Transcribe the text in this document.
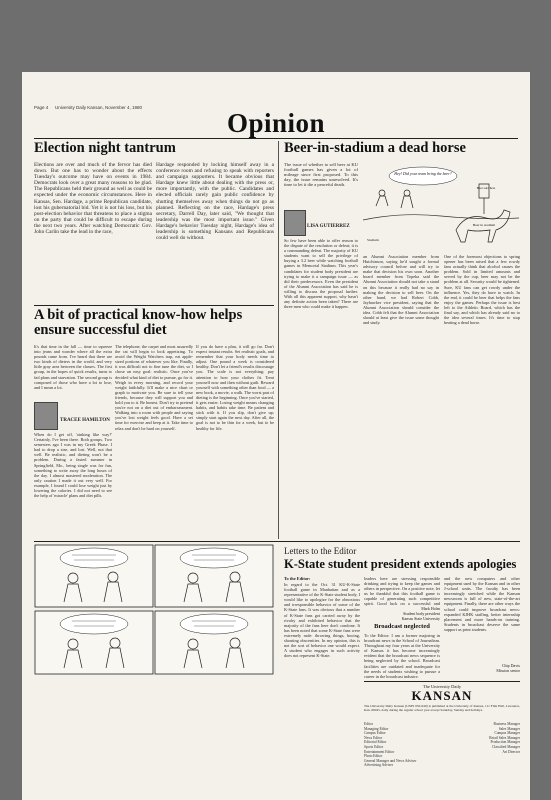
Page 4 University Daily Kansan, November 4, 1980
Opinion
Election night tantrum
Elections are over and much of the fervor has died down. But one has to wonder about the effects Tuesday's outcome may have on events in 1984. Democrats look over a great many reasons to be glad. The Republicans held their ground as well as could be expected under the economic circumstances. Here in Kansas, Sen. Hardage, a prime Republican candidate, lost his gubernatorial bid. Yet it is not his loss, but his post-election behavior that threatens to place a stigma on the party that could be difficult to escape during the next two years. After watching Democratic Gov. John Carlin take the lead in the race,
Hardage responded by locking himself away in a conference room and refusing to speak with reporters and campaign supporters. It became obvious that Hardage knew little about dealing with the press or, more importantly, with the public. Candidates and elected officials rarely gain public confidence by shutting themselves away when things do not go as planned. Reflecting on the race, Hardage's press secretary, Darrell Day, later said, "We thought that leadership was the most important issue." Given Hardage's behavior Tuesday night, Hardage's idea of leadership is something Kansans and Republicans could well do without.
A bit of practical know-how helps ensure successful diet
It's that time in the fall — time to squeeze into jeans and wonder where all the extra pounds came from. I've heard that there are two kinds of dieters in the world, and very little gray area between the classes. The first group, in the hopes of quick results, turns to fad plans and starvation. The second group is composed of those who have a lot to lose, and I mean a lot.
TRACEE HAMILTON
When do I get off, 'oinking like way?' Certainly, I've been there. Both groups. Two semesters ago I was in my Greek Phase. I had to drop a size, and lost. Well, not that well. Be realistic, and dieting won't be a problem. During a fasted summer in Springfield, Mo., being single was for fun, something to write away the long hours of the day. I almost mastered moderation. The only caution I made it out very well. For example, I found I could lose weight just by lowering the calories. I did not need to see the help of 'miracle' plans and diet pills.
The telephone, the carpet and most assuredly the cat will begin to look appetizing. To avoid the Weight Watchers trap, eat apple-sized portions of whatever you like. Finally, it was difficult not to fine tune the diet, so I chose an easy goal: realistic. Once you've decided what kind of diet to pursue, go for it. Weigh in every morning, and record your weight faithfully. It'll make a nice chart or graph to motivate you. Be sure to tell your friends, because they will support you and hold you to it. Be honest. Don't try to pretend you're not on a diet out of embarrassment. Walking into a room with people and saying you've lost weight feels good. Have a set time for exercise and keep at it. Take time to relax and don't be hard on yourself.
If you do have a plan, it will go far. Don't expect instant results. Set realistic goals, and remember that your body needs time to adjust. One pound a week is considered healthy. Don't let a friend's results discourage you. The scale is not everything; pay attention to how your clothes fit. Treat yourself now and then without guilt. Reward yourself with something other than food — a new book, a movie, a walk. The worst part of dieting is the beginning. Once you've started, it gets easier. Losing weight means changing habits, and habits take time. Be patient and stick with it. If you slip, don't give up; simply start again the next day. After all, the goal is not to be thin for a week, but to be healthy for life.
Beer-in-stadium a dead horse
The issue of whether to sell beer at KU football games has given a lot of mileage since first proposed. To this day, the issue remains unresolved. It's time to let it die a peaceful death.
Hey! Did your team bring the beer?
Beer sold here
Beer in stadium
Stadium
LISA GUTIERREZ
So few have been able to offer reason to the dispute of the resolution or defeat; it is a commanding defeat. The majority of KU students want to sell the privilege of buying a 3.2 beer while watching football games in Memorial Stadium. This year's candidates for student body president are trying to make it a campaign issue — as did their predecessors. Even the president of the Alumni Association has said he is willing to discuss the proposal further. With all this apparent support, why hasn't any definite action been taken? There are three men who could make it happen.
an Alumni Association member from Hutchinson, saying he'd sought a formal advisory council before and will try to make that decision his own soon. Another board member from Topeka said the Alumni Association should not take a stand on this because it really had no say in making the decision to sell beer. On the other hand, we had Robert Cobb, Jayhawker vice president, saying that the Alumni Association should consider the idea. Cobb felt that the Alumni Association should at least give the issue some thought and study.
One of the foremost objections to spring opener has been raised that a few rowdy fans actually think that alcohol causes the problem. Sold in limited amounts and served by the cup, beer may not be the problem at all. Security would be tightened. Sure, KU fans can get rowdy under the influence. Yes, they do have to watch. In the end, it could be beer that helps the fans enjoy the games. Perhaps the issue is best left to the Athletic Board, which has the final say, and which has already said no to the idea several times. It's time to stop beating a dead horse.
Letters to the Editor
K-State student president extends apologies
To the Editor:
In regard to the Oct. 31 KU-K-State football game in Manhattan and as a representative of the K-State student body, I would like to apologize for the obnoxious and irresponsible behavior of some of the K-State fans. It was obvious that a number of K-State fans got carried away by the rivalry and exhibited behavior that the majority of the fans here don't condone. It has been noted that some K-State fans were extremely rude: throwing things, booing, shouting obscenities. In my opinion, this is not the sort of behavior one would expect. A student who engages in such activity does not represent K-State.
leaders here are stressing responsible drinking and trying to keep the games and others in perspective. On a positive note, let us be thankful that this football game is capable of generating such competitive spirit. Good luck on a successful and
Mark Holm
Student body president
Kansas State University
Broadcast neglected
To the Editor: I am a former majoring in broadcast news in the School of Journalism. Throughout my four years at the University of Kansas it has become increasingly evident that the broadcast news sequence is being neglected by the school. Broadcast facilities are outdated and inadequate for the needs of students wishing to pursue a career in the broadcast industry.
and the new computers and other equipment used by the Kansan and in other J-school units. The faculty has been increasingly stretched while the Kansan newsroom is full of new, state-of-the-art equipment. Finally, there are other ways the school could improve broadcast news: expanded KJHK staffing, better internship placement and more hands-on training. Students in broadcast deserve the same support as print students.
Chip Davis
Mission senior
The University Daily
KANSAN
The University Daily Kansan (USPS 650-640) is published at the University of Kansas, 111 Flint Hall, Lawrence, Kan. 66045, daily during the regular school year except Saturday, Sunday and holidays.
Editor
Managing Editor
Campus Editor
News Editor
Editorial Editor
Sports Editor
Entertainment Editor
Photo Editor
General Manager and News Adviser
Advertising Adviser
Business Manager
Sales Manager
Campus Manager
Retail Sales Manager
Production Manager
Classified Manager
Art Director
